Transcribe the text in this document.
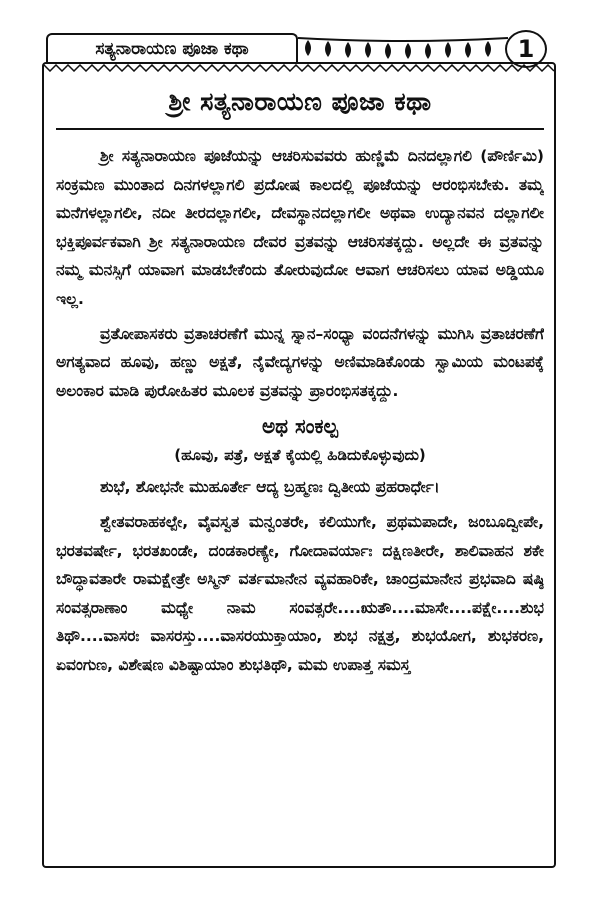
ಸತ್ಯನಾರಾಯಣ ಪೂಜಾ ಕಥಾ	1
ಶ್ರೀ ಸತ್ಯನಾರಾಯಣ ಪೂಜಾ ಕಥಾ

ಶ್ರೀ ಸತ್ಯನಾರಾಯಣ ಪೂಜೆಯನ್ನು ಆಚರಿಸುವವರು ಹುಣ್ಣಿಮೆ ದಿನದಲ್ಲಾಗಲಿ (ಪೌರ್ಣಿಮಿ) ಸಂಕ್ರಮಣ ಮುಂತಾದ ದಿನಗಳಲ್ಲಾಗಲಿ ಪ್ರದೋಷ ಕಾಲದಲ್ಲಿ ಪೂಜೆಯನ್ನು ಆರಂಭಿಸಬೇಕು. ತಮ್ಮ ಮನೆಗಳಲ್ಲಾಗಲೀ, ನದೀ ತೀರದಲ್ಲಾಗಲೀ, ದೇವಸ್ಥಾನದಲ್ಲಾಗಲೀ ಅಥವಾ ಉದ್ಯಾನವನ ದಲ್ಲಾಗಲೀ ಭಕ್ತಿಪೂರ್ವಕವಾಗಿ ಶ್ರೀ ಸತ್ಯನಾರಾಯಣ ದೇವರ ವ್ರತವನ್ನು ಆಚರಿಸತಕ್ಕದ್ದು. ಅಲ್ಲದೇ ಈ ವ್ರತವನ್ನು ನಮ್ಮ ಮನಸ್ಸಿಗೆ ಯಾವಾಗ ಮಾಡಬೇಕೆಂದು ತೋರುವುದೋ ಆವಾಗ ಆಚರಿಸಲು ಯಾವ ಅಡ್ಡಿಯೂ ಇಲ್ಲ.

ವ್ರತೋಪಾಸಕರು ವ್ರತಾಚರಣೆಗೆ ಮುನ್ನ ಸ್ನಾನ–ಸಂಧ್ಯಾ ವಂದನೆಗಳನ್ನು ಮುಗಿಸಿ ವ್ರತಾಚರಣೆಗೆ ಅಗತ್ಯವಾದ ಹೂವು, ಹಣ್ಣು ಅಕ್ಷತೆ, ನೈವೇದ್ಯಗಳನ್ನು ಅಣಿಮಾಡಿಕೊಂಡು ಸ್ವಾಮಿಯ ಮಂಟಪಕ್ಕೆ ಅಲಂಕಾರ ಮಾಡಿ ಪುರೋಹಿತರ ಮೂಲಕ ವ್ರತವನ್ನು ಪ್ರಾರಂಭಿಸತಕ್ಕದ್ದು.

ಅಥ ಸಂಕಲ್ಪ
(ಹೂವು, ಪತ್ರೆ, ಅಕ್ಷತೆ ಕೈಯಲ್ಲಿ ಹಿಡಿದುಕೊಳ್ಳುವುದು)

ಶುಭೆ, ಶೋಭನೇ ಮುಹೂರ್ತೇ ಆದ್ಯ ಬ್ರಹ್ಮಣಃ ದ್ವಿತೀಯ ಪ್ರಹರಾರ್ಧೇ।

ಶ್ವೇತವರಾಹಕಲ್ಪೇ, ವೈವಸ್ವತ ಮನ್ವಂತರೇ, ಕಲಿಯುಗೇ, ಪ್ರಥಮಪಾದೇ, ಜಂಬೂದ್ವೀಪೇ, ಭರತವರ್ಷೇ, ಭರತಖಂಡೇ, ದಂಡಕಾರಣ್ಯೇ, ಗೋದಾವರ್ಯಾಃ ದಕ್ಷಿಣತೀರೇ, ಶಾಲಿವಾಹನ ಶಕೇ ಬೌದ್ಧಾವತಾರೇ ರಾಮಕ್ಷೇತ್ರೇ ಅಸ್ಮಿನ್ ವರ್ತಮಾನೇನ ವ್ಯವಹಾರಿಕೇ, ಚಾಂದ್ರಮಾನೇನ ಪ್ರಭವಾದಿ ಷಷ್ಠಿ ಸಂವತ್ಸರಾಣಾಂ ಮಧ್ಯೇ ನಾಮ ಸಂವತ್ಸರೇ....ಋತೌ....ಮಾಸೇ....ಪಕ್ಷೇ....ಶುಭ ತಿಥೌ....ವಾಸರಃ ವಾಸರಸ್ತು....ವಾಸರಯುಕ್ತಾಯಾಂ, ಶುಭ ನಕ್ಷತ್ರ, ಶುಭಯೋಗ, ಶುಭಕರಣ, ಏವಂಗುಣ, ವಿಶೇಷಣ ವಿಶಿಷ್ಟಾಯಾಂ ಶುಭತಿಥೌ, ಮಮ ಉಪಾತ್ತ ಸಮಸ್ತ
